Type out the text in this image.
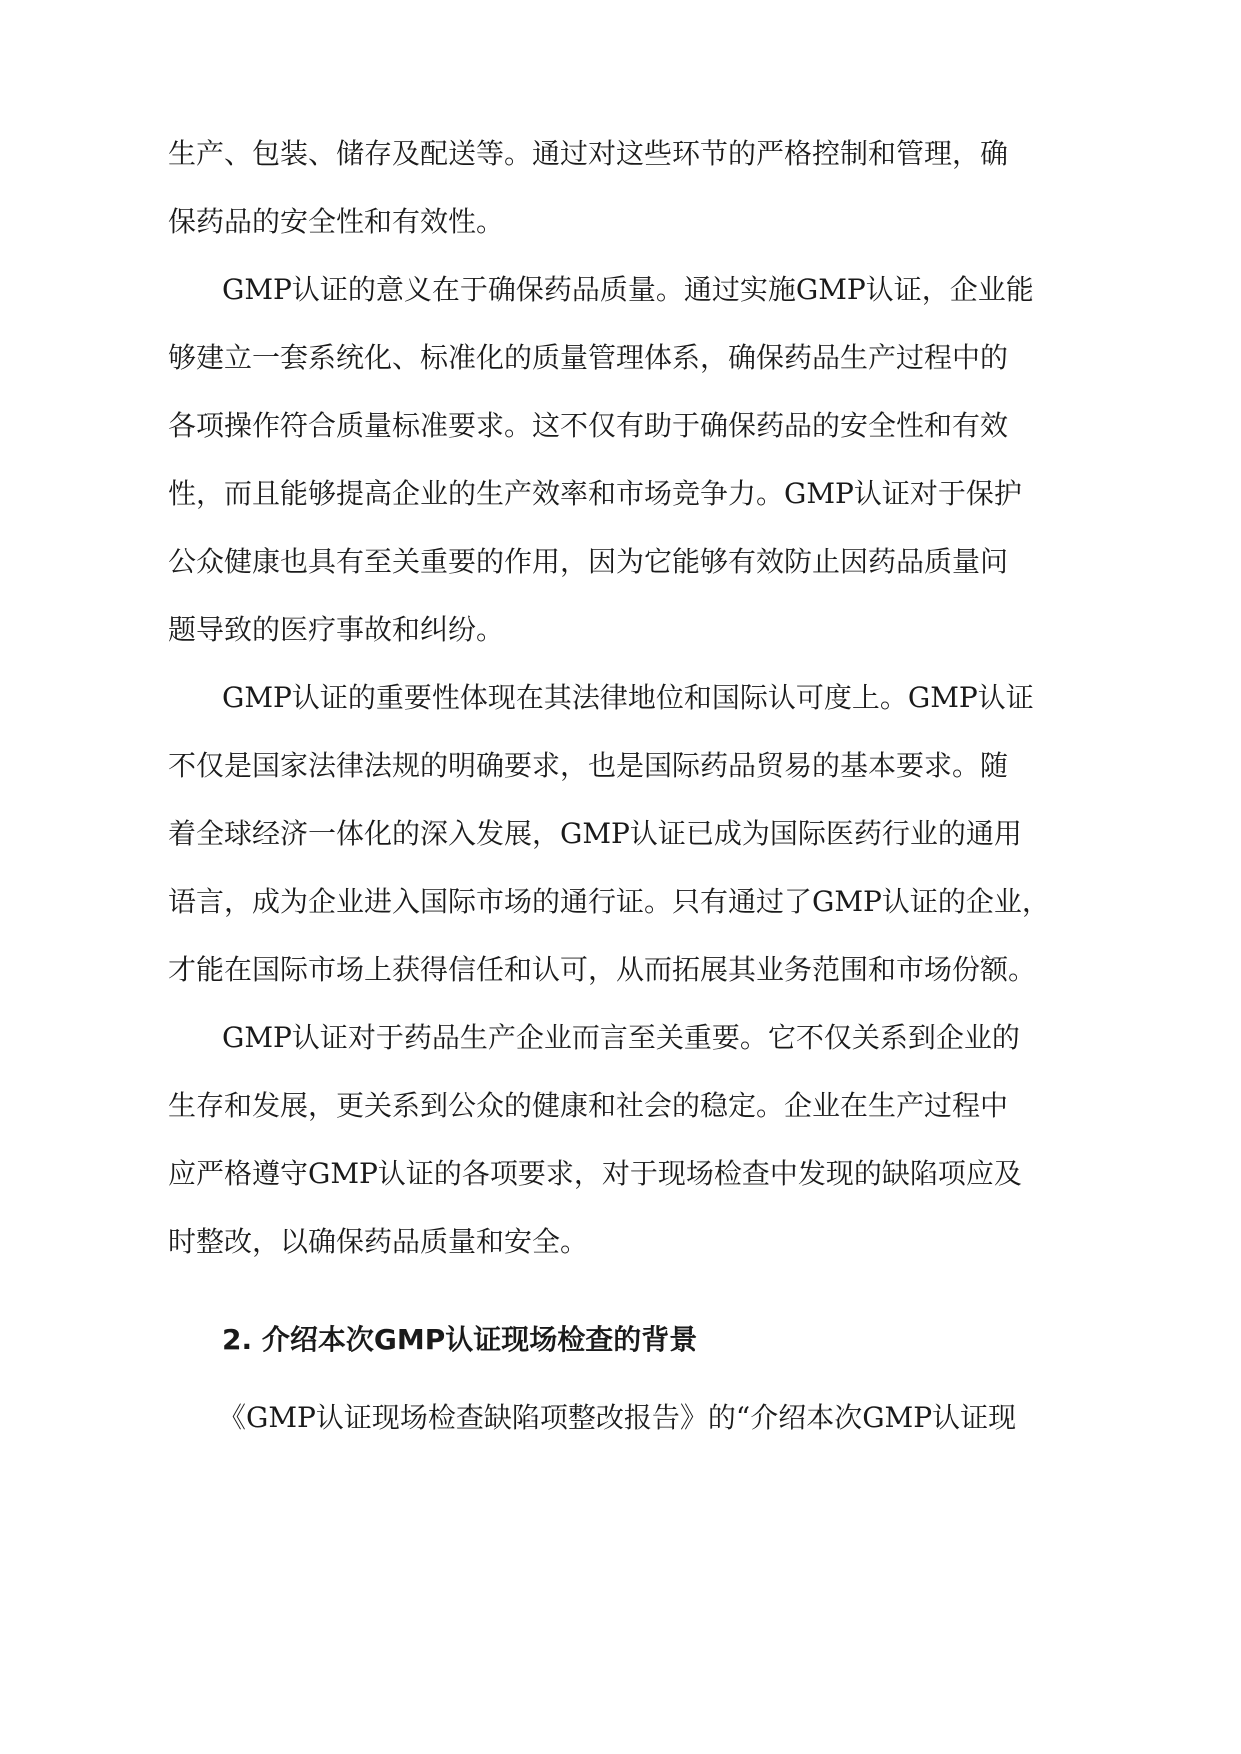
生产、包装、储存及配送等。通过对这些环节的严格控制和管理，确
保药品的安全性和有效性。
GMP认证的意义在于确保药品质量。通过实施GMP认证，企业能
够建立一套系统化、标准化的质量管理体系，确保药品生产过程中的
各项操作符合质量标准要求。这不仅有助于确保药品的安全性和有效
性，而且能够提高企业的生产效率和市场竞争力。GMP认证对于保护
公众健康也具有至关重要的作用，因为它能够有效防止因药品质量问
题导致的医疗事故和纠纷。
GMP认证的重要性体现在其法律地位和国际认可度上。GMP认证
不仅是国家法律法规的明确要求，也是国际药品贸易的基本要求。随
着全球经济一体化的深入发展，GMP认证已成为国际医药行业的通用
语言，成为企业进入国际市场的通行证。只有通过了GMP认证的企业，
才能在国际市场上获得信任和认可，从而拓展其业务范围和市场份额。
GMP认证对于药品生产企业而言至关重要。它不仅关系到企业的
生存和发展，更关系到公众的健康和社会的稳定。企业在生产过程中
应严格遵守GMP认证的各项要求，对于现场检查中发现的缺陷项应及
时整改，以确保药品质量和安全。
2. 介绍本次GMP认证现场检查的背景
《GMP认证现场检查缺陷项整改报告》的“介绍本次GMP认证现
